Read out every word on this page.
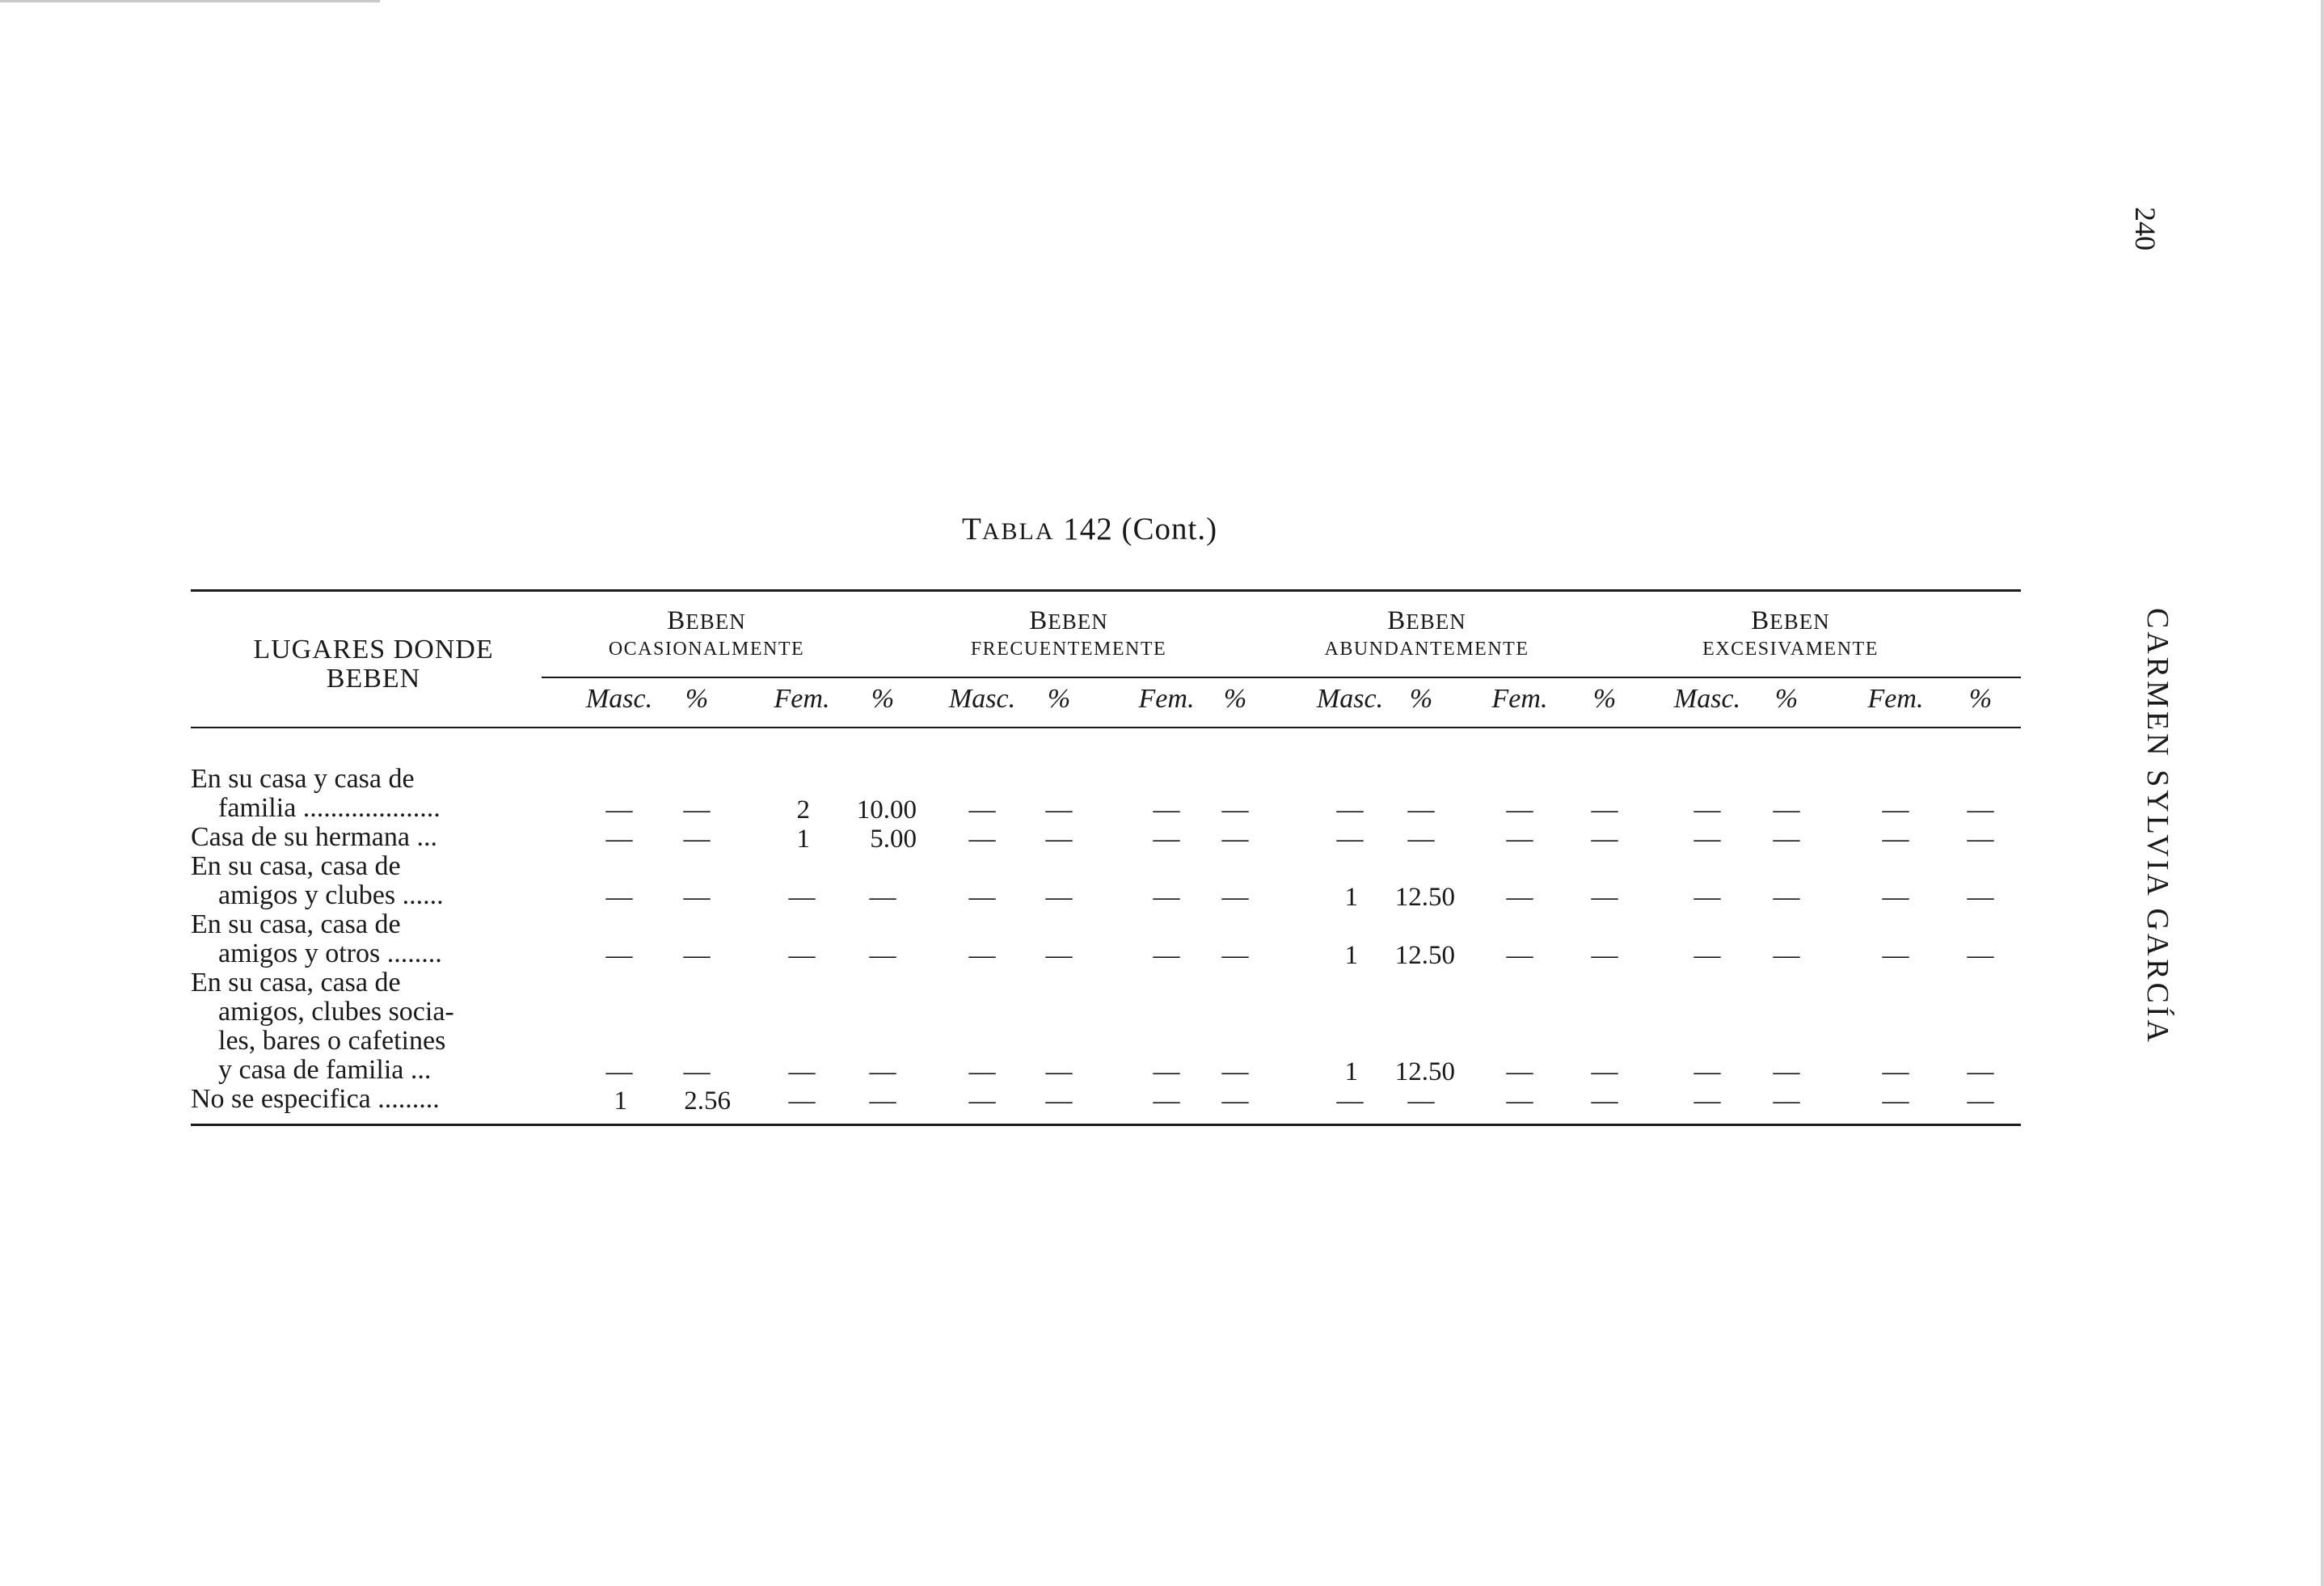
240
CARMEN SYLVIA GARCÍA
TABLA 142 (Cont.)
LUGARES DONDE BEBEN
BEBEN
OCASIONALMENTE
BEBEN
FRECUENTEMENTE
BEBEN
ABUNDANTEMENTE
BEBEN
EXCESIVAMENTE
Masc. % Fem. % Masc. % Fem. %	Masc. % Fem. % Masc. %	Fem. %
En su casa y casa de
familia ....................	— —	2 10.00 — —	— —	— —	— —	— —	— —
Casa de su hermana ...	— —	1 5.00 — —	— —	— —	— —	— —	— —
En su casa, casa de
amigos y clubes ......	— —	— —	— —	— —	1 12.50 — —	— —	— —
En su casa, casa de
amigos y otros ........	— —	— —	— —	— —	1 12.50 — —	— —	— —
En su casa, casa de
amigos, clubes socia-
les, bares o cafetines
y casa de familia ...	— —	— —	— —	— —	1 12.50 — —	— —	— —
No se especifica .........	1 2.56 — —	— —	— —	— —	— —	— —	— —
